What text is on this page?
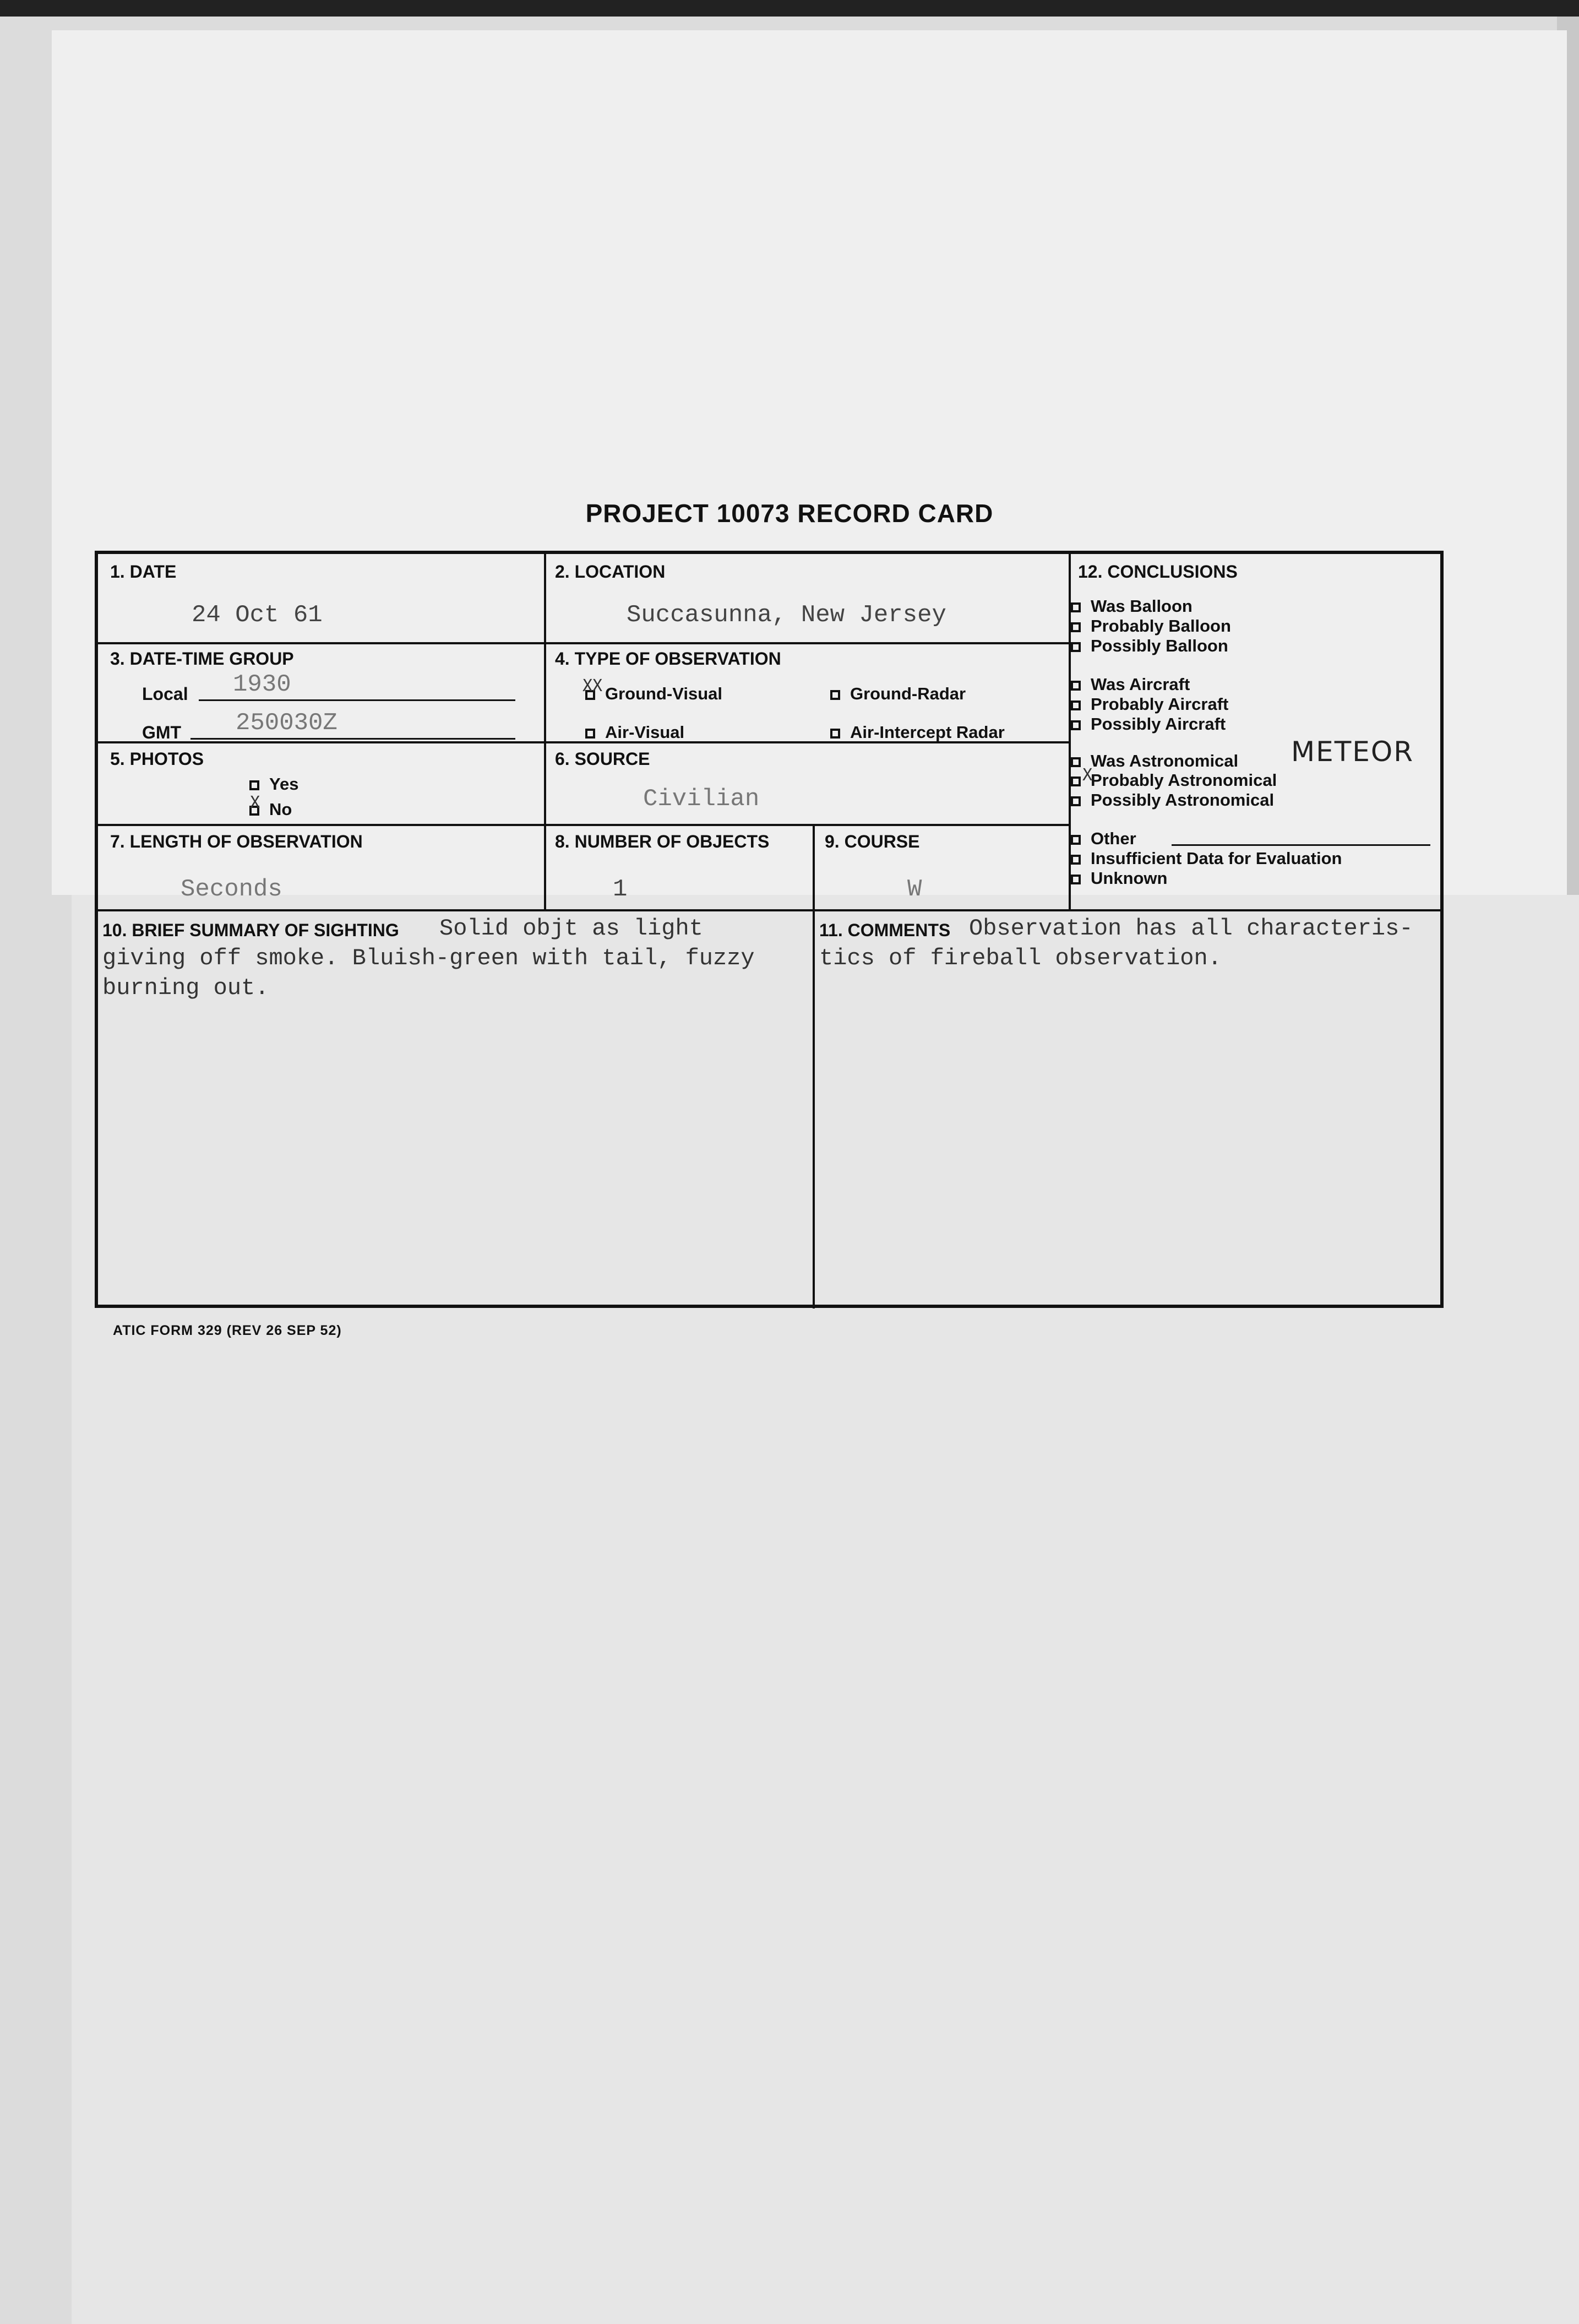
PROJECT 10073 RECORD CARD
1. DATE
24 Oct 61
2. LOCATION
Succasunna, New Jersey
3. DATE-TIME GROUP
Local 1930
GMT 250030Z
4. TYPE OF OBSERVATION
Ground-Visual
XX	Ground-Radar
Air-Visual	Air-Intercept Radar
5. PHOTOS
Yes
No
X
6. SOURCE
Civilian
7. LENGTH OF OBSERVATION
Seconds
8. NUMBER OF OBJECTS
1
9. COURSE
W
10. BRIEF SUMMARY OF SIGHTING Solid objt as light
giving off smoke. Bluish-green with tail, fuzzy
burning out.
11. COMMENTS Observation has all characteris-
tics of fireball observation.
12. CONCLUSIONS
Was Balloon
Probably Balloon
Possibly Balloon
Was Aircraft
Probably Aircraft
Possibly Aircraft
Was Astronomical METEOR
Probably Astronomical
X
Possibly Astronomical
Other
Insufficient Data for Evaluation
Unknown
ATIC FORM 329 (REV 26 SEP 52)
